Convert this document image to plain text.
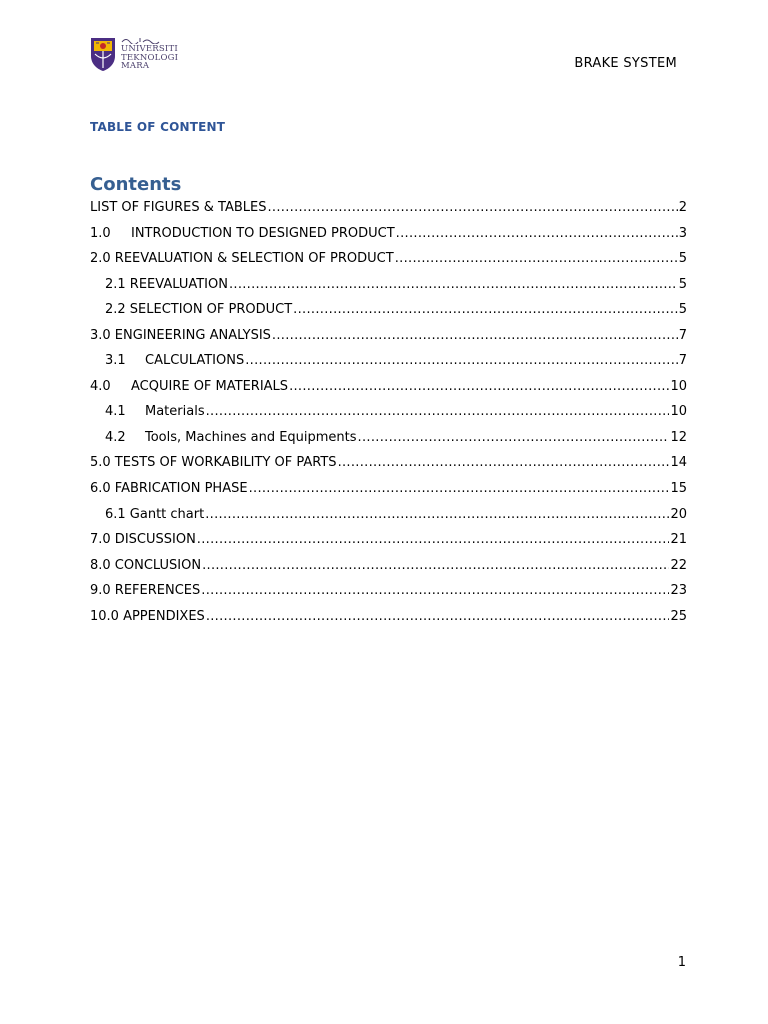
UNIVERSITI
TEKNOLOGI
MARA	BRAKE SYSTEM
TABLE OF CONTENT
Contents
LIST OF FIGURES & TABLES .....	2
1.0	INTRODUCTION TO DESIGNED PRODUCT .....	3
2.0 REEVALUATION & SELECTION OF PRODUCT .....	5
2.1 REEVALUATION .....	5
2.2 SELECTION OF PRODUCT .....	5
3.0 ENGINEERING ANALYSIS .....	7
3.1	CALCULATIONS .....	7
4.0	ACQUIRE OF MATERIALS .....	10
4.1	Materials .....	10
4.2	Tools, Machines and Equipments .....	12
5.0 TESTS OF WORKABILITY OF PARTS .....	14
6.0 FABRICATION PHASE .....	15
6.1 Gantt chart .....	20
7.0 DISCUSSION .....	21
8.0 CONCLUSION .....	22
9.0 REFERENCES .....	23
10.0 APPENDIXES .....	25
1
